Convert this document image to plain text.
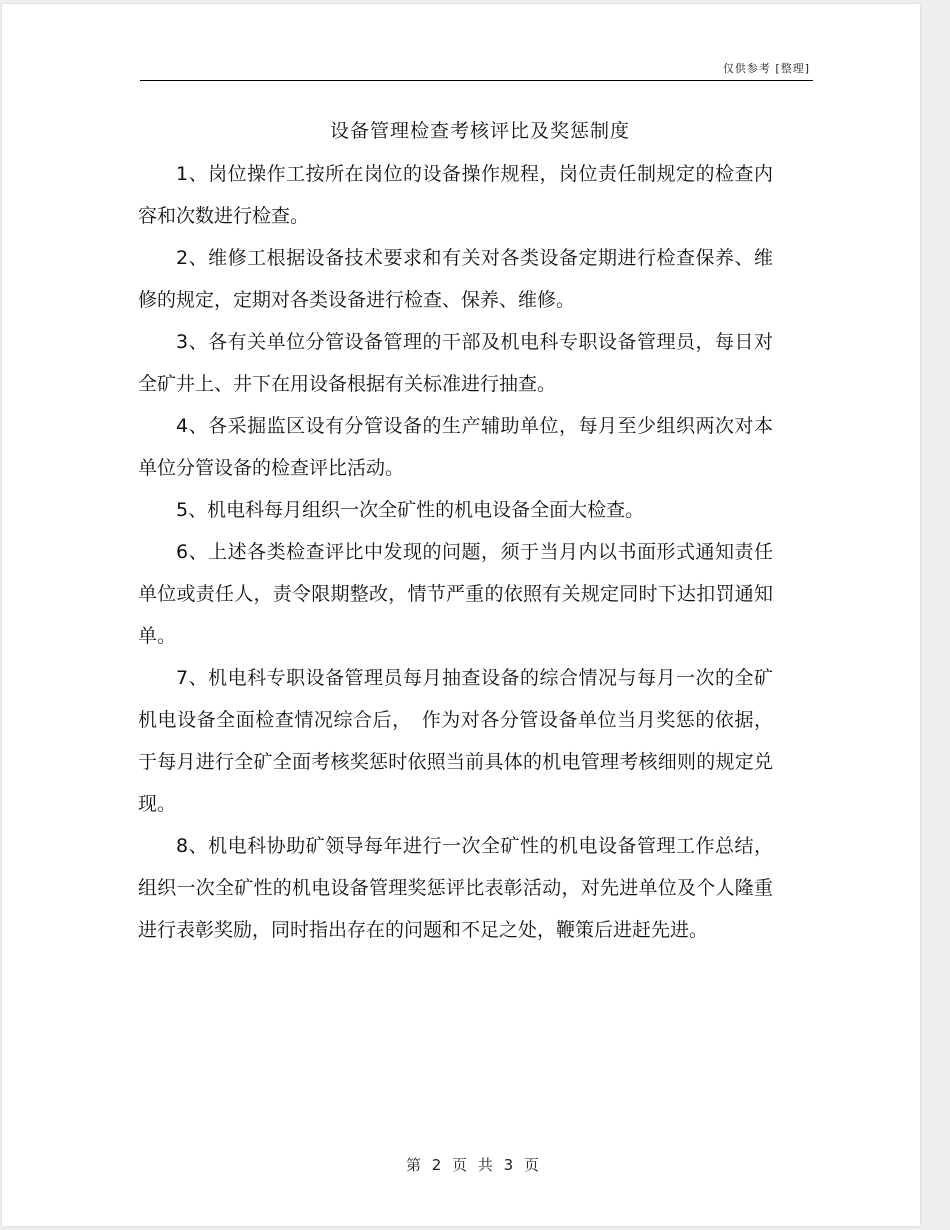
仅供参考 [整理]
设备管理检查考核评比及奖惩制度

1、岗位操作工按所在岗位的设备操作规程，岗位责任制规定的检查内容和次数进行检查。

2、维修工根据设备技术要求和有关对各类设备定期进行检查保养、维修的规定，定期对各类设备进行检查、保养、维修。

3、各有关单位分管设备管理的干部及机电科专职设备管理员，每日对全矿井上、井下在用设备根据有关标准进行抽查。

4、各采掘监区设有分管设备的生产辅助单位，每月至少组织两次对本单位分管设备的检查评比活动。

5、机电科每月组织一次全矿性的机电设备全面大检查。

6、上述各类检查评比中发现的问题，须于当月内以书面形式通知责任单位或责任人，责令限期整改，情节严重的依照有关规定同时下达扣罚通知单。

7、机电科专职设备管理员每月抽查设备的综合情况与每月一次的全矿机电设备全面检查情况综合后，　作为对各分管设备单位当月奖惩的依据，于每月进行全矿全面考核奖惩时依照当前具体的机电管理考核细则的规定兑现。

8、机电科协助矿领导每年进行一次全矿性的机电设备管理工作总结，组织一次全矿性的机电设备管理奖惩评比表彰活动，对先进单位及个人隆重进行表彰奖励，同时指出存在的问题和不足之处，鞭策后进赶先进。

第 2 页 共 3 页
